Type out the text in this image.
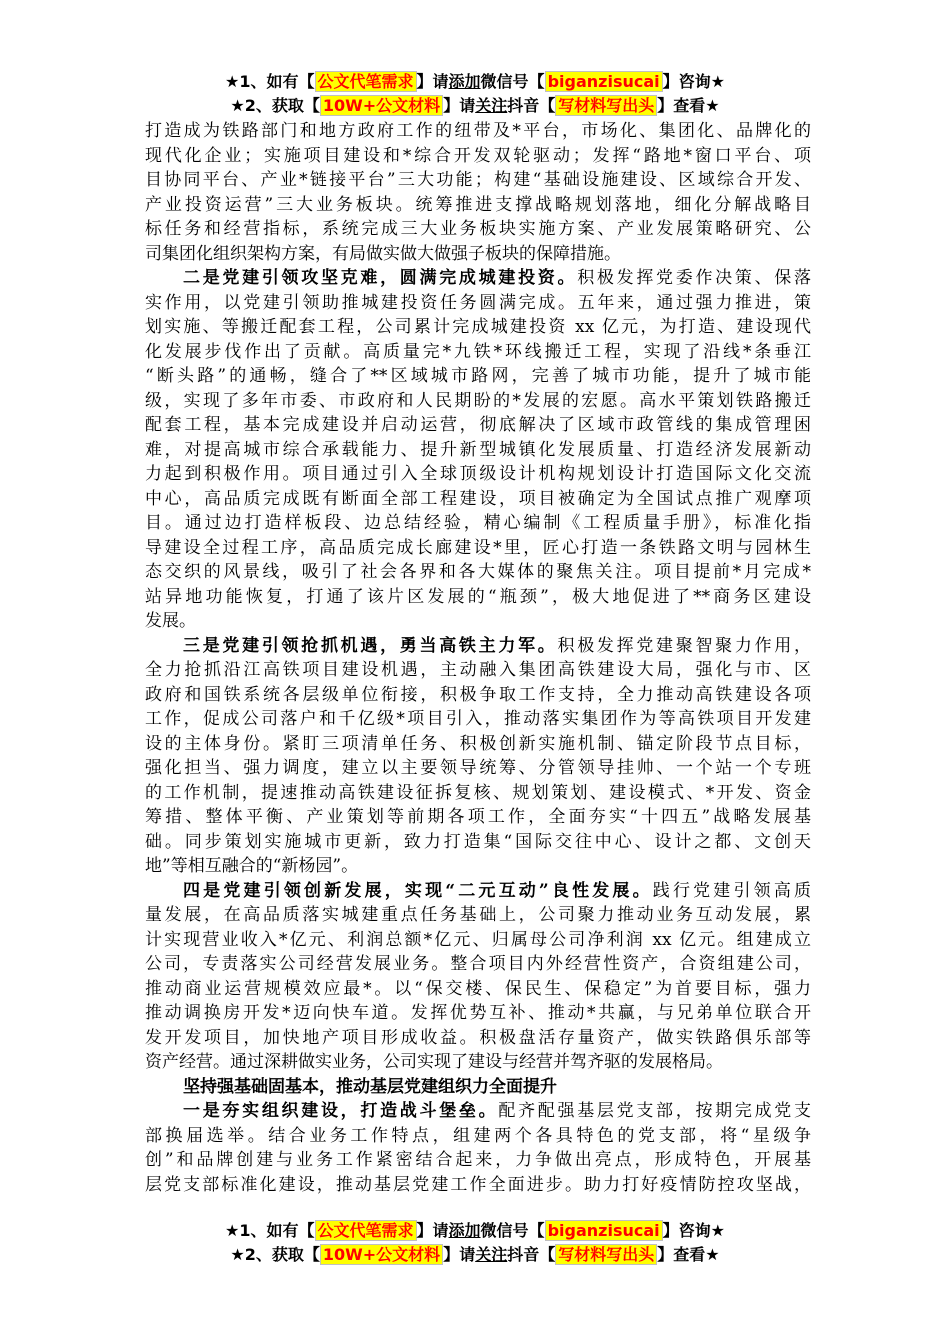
★1、如有【 公文代笔需求 】请添加微信号【 biganzisucai 】咨询★
★2、获取【 10W+公文材料 】请关注抖音【 写材料写出头 】查看★
打造成为铁路部门和地方政府工作的纽带及*平台，市场化、集团化、品牌化的
现代化企业；实施项目建设和*综合开发双轮驱动；发挥“路地*窗口平台、项
目协同平台、产业*链接平台”三大功能；构建“基础设施建设、区域综合开发、
产业投资运营”三大业务板块。统筹推进支撑战略规划落地，细化分解战略目
标任务和经营指标，系统完成三大业务板块实施方案、产业发展策略研究、公
司集团化组织架构方案，有局做实做大做强子板块的保障措施。
二是党建引领攻坚克难，圆满完成城建投资。积极发挥党委作决策、保落
实作用，以党建引领助推城建投资任务圆满完成。五年来，通过强力推进，策
划实施、等搬迁配套工程，公司累计完成城建投资 xx 亿元，为打造、建设现代
化发展步伐作出了贡献。高质量完*九铁*环线搬迁工程，实现了沿线*条垂江
“断头路”的通畅，缝合了**区域城市路网，完善了城市功能，提升了城市能
级，实现了多年市委、市政府和人民期盼的*发展的宏愿。高水平策划铁路搬迁
配套工程，基本完成建设并启动运营，彻底解决了区域市政管线的集成管理困
难，对提高城市综合承载能力、提升新型城镇化发展质量、打造经济发展新动
力起到积极作用。项目通过引入全球顶级设计机构规划设计打造国际文化交流
中心，高品质完成既有断面全部工程建设，项目被确定为全国试点推广观摩项
目。通过边打造样板段、边总结经验，精心编制《工程质量手册》，标准化指
导建设全过程工序，高品质完成长廊建设*里，匠心打造一条铁路文明与园林生
态交织的风景线，吸引了社会各界和各大媒体的聚焦关注。项目提前*月完成*
站异地功能恢复，打通了该片区发展的“瓶颈”，极大地促进了**商务区建设
发展。
三是党建引领抢抓机遇，勇当高铁主力军。积极发挥党建聚智聚力作用，
全力抢抓沿江高铁项目建设机遇，主动融入集团高铁建设大局，强化与市、区
政府和国铁系统各层级单位衔接，积极争取工作支持，全力推动高铁建设各项
工作，促成公司落户和千亿级*项目引入，推动落实集团作为等高铁项目开发建
设的主体身份。紧盯三项清单任务、积极创新实施机制、锚定阶段节点目标，
强化担当、强力调度，建立以主要领导统筹、分管领导挂帅、一个站一个专班
的工作机制，提速推动高铁建设征拆复核、规划策划、建设模式、*开发、资金
筹措、整体平衡、产业策划等前期各项工作，全面夯实“十四五”战略发展基
础。同步策划实施城市更新，致力打造集“国际交往中心、设计之都、文创天
地”等相互融合的“新杨园”。
四是党建引领创新发展，实现“二元互动”良性发展。践行党建引领高质
量发展，在高品质落实城建重点任务基础上，公司聚力推动业务互动发展，累
计实现营业收入*亿元、利润总额*亿元、归属母公司净利润 xx 亿元。组建成立
公司，专责落实公司经营发展业务。整合项目内外经营性资产，合资组建公司，
推动商业运营规模效应最*。以“保交楼、保民生、保稳定”为首要目标，强力
推动调换房开发*迈向快车道。发挥优势互补、推动*共赢，与兄弟单位联合开
发开发项目，加快地产项目形成收益。积极盘活存量资产，做实铁路俱乐部等
资产经营。通过深耕做实业务，公司实现了建设与经营并驾齐驱的发展格局。
坚持强基础固基本，推动基层党建组织力全面提升
一是夯实组织建设，打造战斗堡垒。配齐配强基层党支部，按期完成党支
部换届选举。结合业务工作特点，组建两个各具特色的党支部，将“星级争
创”和品牌创建与业务工作紧密结合起来，力争做出亮点，形成特色，开展基
层党支部标准化建设，推动基层党建工作全面进步。助力打好疫情防控攻坚战，
★1、如有【 公文代笔需求 】请添加微信号【 biganzisucai 】咨询★
★2、获取【 10W+公文材料 】请关注抖音【 写材料写出头 】查看★
